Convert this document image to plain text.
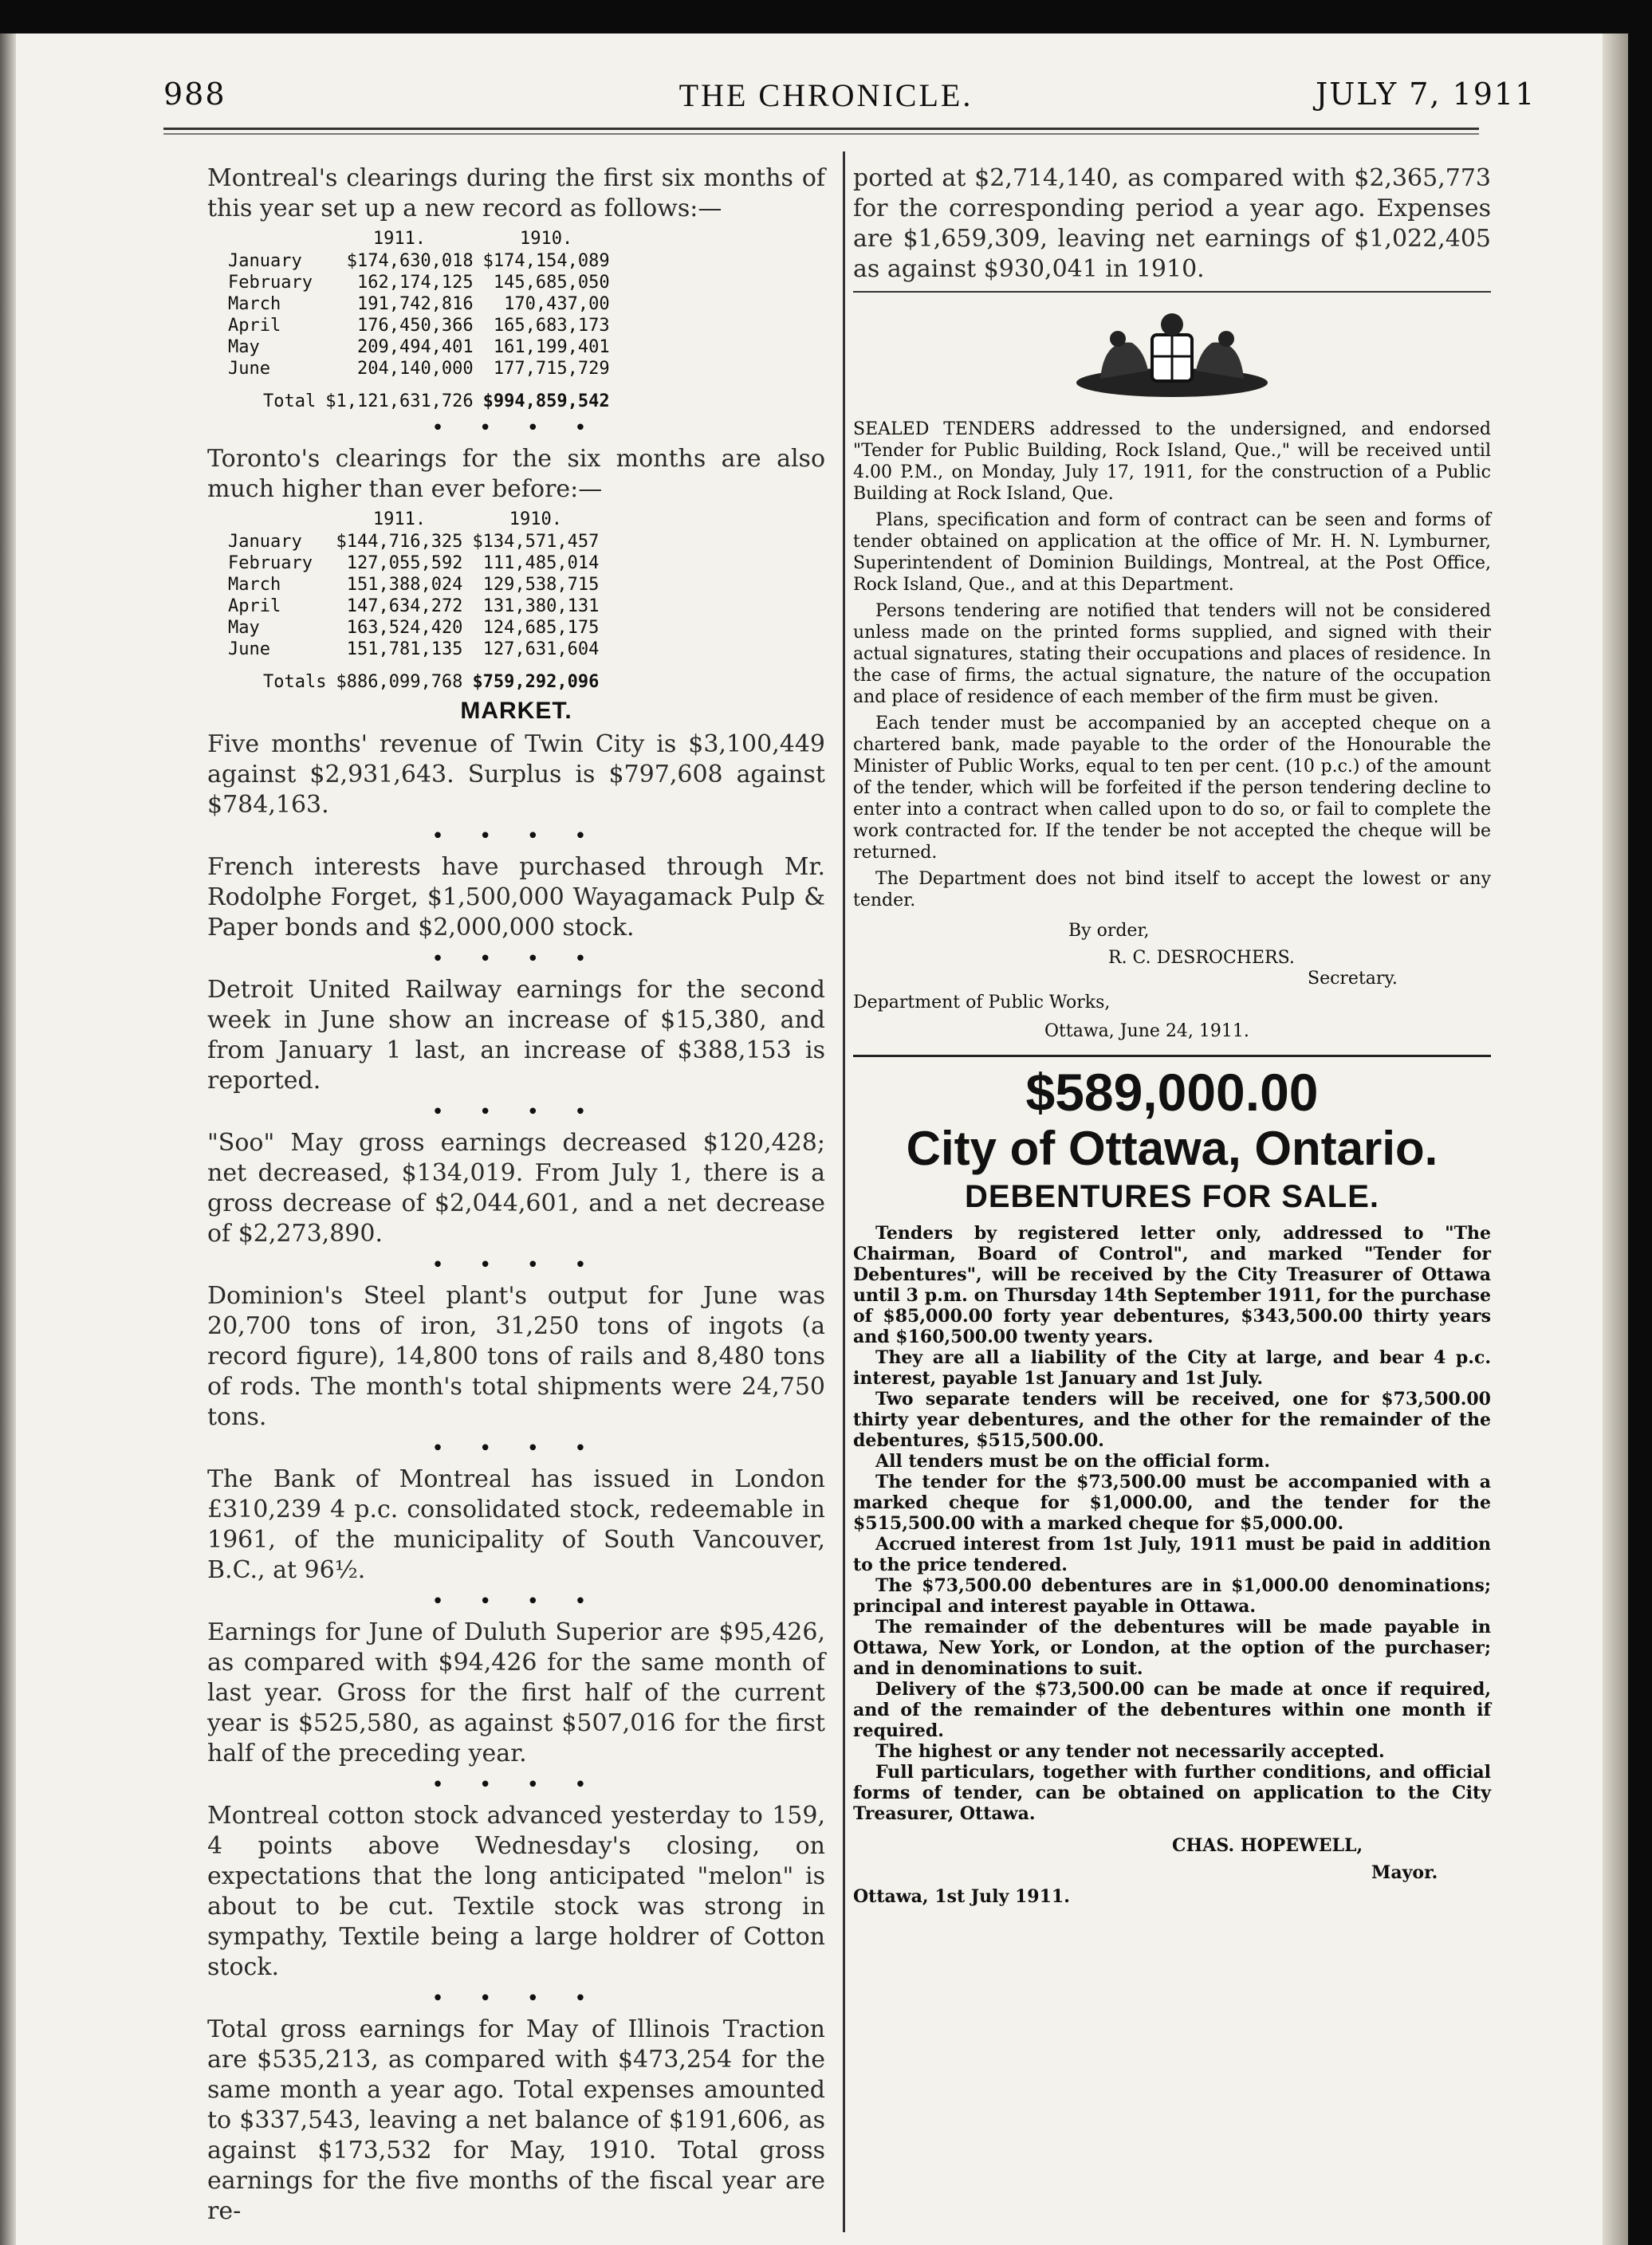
988	THE CHRONICLE.	JULY 7, 1911

Montreal's clearings during the first six months of this year set up a new record as follows:—

	1911.	1910.
January	$174,630,018	$174,154,089
February	162,174,125	145,685,050
March	191,742,816	170,437,00
April	176,450,366	165,683,173
May	209,494,401	161,199,401
June	204,140,000	177,715,729

Total	$1,121,631,726	$994,859,542
• • • •

Toronto's clearings for the six months are also much higher than ever before:—

	1911.	1910.
January	$144,716,325	$134,571,457
February	127,055,592	111,485,014
March	151,388,024	129,538,715
April	147,634,272	131,380,131
May	163,524,420	124,685,175
June	151,781,135	127,631,604

Totals	$886,099,768	$759,292,096
MARKET.

Five months' revenue of Twin City is $3,100,449 against $2,931,643. Surplus is $797,608 against $784,163.

• • • •

French interests have purchased through Mr. Rodolphe Forget, $1,500,000 Wayagamack Pulp & Paper bonds and $2,000,000 stock.

• • • •

Detroit United Railway earnings for the second week in June show an increase of $15,380, and from January 1 last, an increase of $388,153 is reported.

• • • •

"Soo" May gross earnings decreased $120,428; net decreased, $134,019. From July 1, there is a gross decrease of $2,044,601, and a net decrease of $2,273,890.

• • • •

Dominion's Steel plant's output for June was 20,700 tons of iron, 31,250 tons of ingots (a record figure), 14,800 tons of rails and 8,480 tons of rods. The month's total shipments were 24,750 tons.

• • • •

The Bank of Montreal has issued in London £310,239 4 p.c. consolidated stock, redeemable in 1961, of the municipality of South Vancouver, B.C., at 96½.

• • • •

Earnings for June of Duluth Superior are $95,426, as compared with $94,426 for the same month of last year. Gross for the first half of the current year is $525,580, as against $507,016 for the first half of the preceding year.

• • • •

Montreal cotton stock advanced yesterday to 159, 4 points above Wednesday's closing, on expectations that the long anticipated "melon" is about to be cut. Textile stock was strong in sympathy, Textile being a large holdrer of Cotton stock.

• • • •

Total gross earnings for May of Illinois Traction are $535,213, as compared with $473,254 for the same month a year ago. Total expenses amounted to $337,543, leaving a net balance of $191,606, as against $173,532 for May, 1910. Total gross earnings for the five months of the fiscal year are re-

ported at $2,714,140, as compared with $2,365,773 for the corresponding period a year ago. Expenses are $1,659,309, leaving net earnings of $1,022,405 as against $930,041 in 1910.

SEALED TENDERS addressed to the undersigned, and endorsed "Tender for Public Building, Rock Island, Que.," will be received until 4.00 P.M., on Monday, July 17, 1911, for the construction of a Public Building at Rock Island, Que.

Plans, specification and form of contract can be seen and forms of tender obtained on application at the office of Mr. H. N. Lymburner, Superintendent of Dominion Buildings, Montreal, at the Post Office, Rock Island, Que., and at this Department.

Persons tendering are notified that tenders will not be considered unless made on the printed forms supplied, and signed with their actual signatures, stating their occupations and places of residence. In the case of firms, the actual signature, the nature of the occupation and place of residence of each member of the firm must be given.

Each tender must be accompanied by an accepted cheque on a chartered bank, made payable to the order of the Honourable the Minister of Public Works, equal to ten per cent. (10 p.c.) of the amount of the tender, which will be forfeited if the person tendering decline to enter into a contract when called upon to do so, or fail to complete the work contracted for. If the tender be not accepted the cheque will be returned.

The Department does not bind itself to accept the lowest or any tender.

By order,
R. C. DESROCHERS.
Secretary.
Department of Public Works,
Ottawa, June 24, 1911.
$589,000.00
City of Ottawa, Ontario.
DEBENTURES FOR SALE.

Tenders by registered letter only, addressed to "The Chairman, Board of Control", and marked "Tender for Debentures", will be received by the City Treasurer of Ottawa until 3 p.m. on Thursday 14th September 1911, for the purchase of $85,000.00 forty year debentures, $343,500.00 thirty years and $160,500.00 twenty years.

They are all a liability of the City at large, and bear 4 p.c. interest, payable 1st January and 1st July.

Two separate tenders will be received, one for $73,500.00 thirty year debentures, and the other for the remainder of the debentures, $515,500.00.

All tenders must be on the official form.

The tender for the $73,500.00 must be accompanied with a marked cheque for $1,000.00, and the tender for the $515,500.00 with a marked cheque for $5,000.00.

Accrued interest from 1st July, 1911 must be paid in addition to the price tendered.

The $73,500.00 debentures are in $1,000.00 denominations; principal and interest payable in Ottawa.

The remainder of the debentures will be made payable in Ottawa, New York, or London, at the option of the purchaser; and in denominations to suit.

Delivery of the $73,500.00 can be made at once if required, and of the remainder of the debentures within one month if required.

The highest or any tender not necessarily accepted.

Full particulars, together with further conditions, and official forms of tender, can be obtained on application to the City Treasurer, Ottawa.

CHAS. HOPEWELL,
Mayor.
Ottawa, 1st July 1911.
